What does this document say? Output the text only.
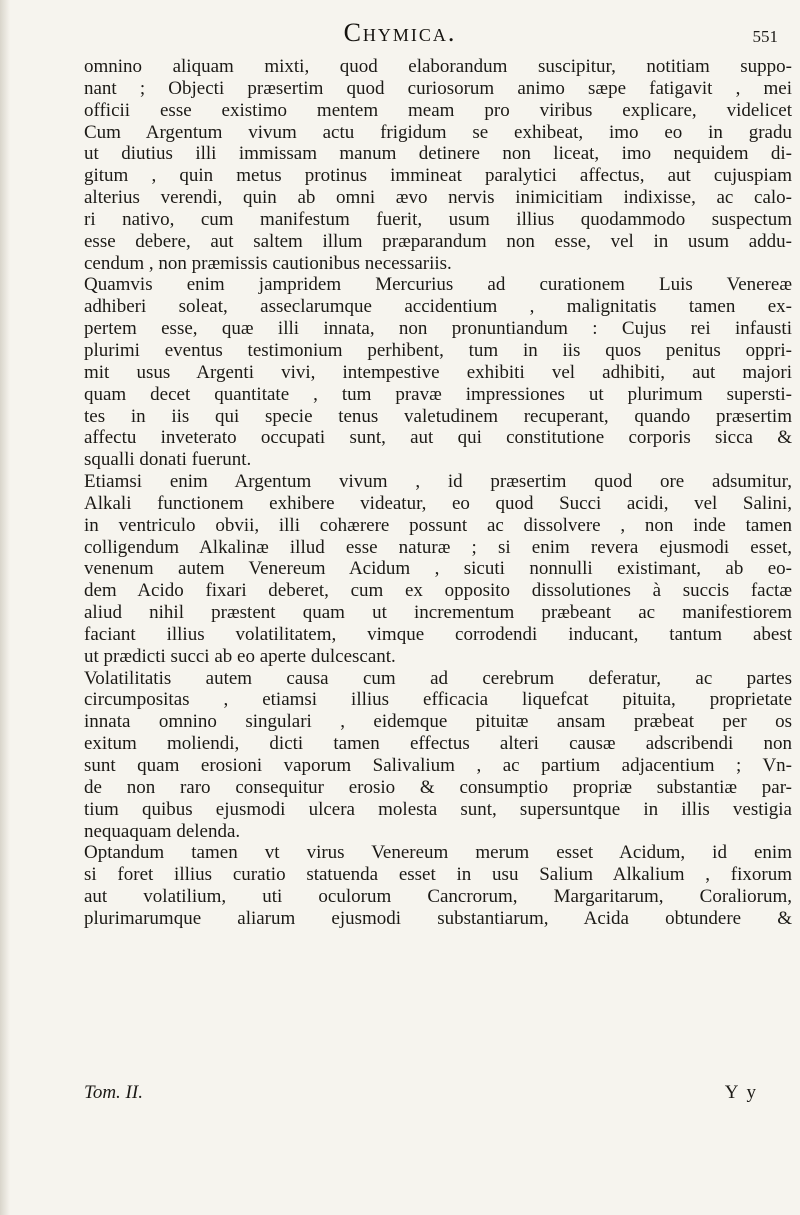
Chymica.	551
omnino aliquam mixti, quod elaborandum suscipitur, notitiam suppo-
nant ; Objecti præsertim quod curiosorum animo sæpe fatigavit , mei
officii esse existimo mentem meam pro viribus explicare, videlicet
Cum Argentum vivum actu frigidum se exhibeat, imo eo in gradu
ut diutius illi immissam manum detinere non liceat, imo nequidem di-
gitum , quin metus protinus immineat paralytici affectus, aut cujuspiam
alterius verendi, quin ab omni ævo nervis inimicitiam indixisse, ac calo-
ri nativo, cum manifestum fuerit, usum illius quodammodo suspectum
esse debere, aut saltem illum præparandum non esse, vel in usum addu-
cendum , non præmissis cautionibus necessariis.
Quamvis enim jampridem Mercurius ad curationem Luis Venereæ
adhiberi soleat, asseclarumque accidentium , malignitatis tamen ex-
pertem esse, quæ illi innata, non pronuntiandum : Cujus rei infausti
plurimi eventus testimonium perhibent, tum in iis quos penitus oppri-
mit usus Argenti vivi, intempestive exhibiti vel adhibiti, aut majori
quam decet quantitate , tum pravæ impressiones ut plurimum supersti-
tes in iis qui specie tenus valetudinem recuperant, quando præsertim
affectu inveterato occupati sunt, aut qui constitutione corporis sicca &
squalli donati fuerunt.
Etiamsi enim Argentum vivum , id præsertim quod ore adsumitur,
Alkali functionem exhibere videatur, eo quod Succi acidi, vel Salini,
in ventriculo obvii, illi cohærere possunt ac dissolvere , non inde tamen
colligendum Alkalinæ illud esse naturæ ; si enim revera ejusmodi esset,
venenum autem Venereum Acidum , sicuti nonnulli existimant, ab eo-
dem Acido fixari deberet, cum ex opposito dissolutiones à succis factæ
aliud nihil præstent quam ut incrementum præbeant ac manifestiorem
faciant illius volatilitatem, vimque corrodendi inducant, tantum abest
ut prædicti succi ab eo aperte dulcescant.
Volatilitatis autem causa cum ad cerebrum deferatur, ac partes
circumpositas , etiamsi illius efficacia liquefcat pituita, proprietate
innata omnino singulari , eidemque pituitæ ansam præbeat per os
exitum moliendi, dicti tamen effectus alteri causæ adscribendi non
sunt quam erosioni vaporum Salivalium , ac partium adjacentium ; Vn-
de non raro consequitur erosio & consumptio propriæ substantiæ par-
tium quibus ejusmodi ulcera molesta sunt, supersuntque in illis vestigia
nequaquam delenda.
Optandum tamen vt virus Venereum merum esset Acidum, id enim
si foret illius curatio statuenda esset in usu Salium Alkalium , fixorum
aut volatilium, uti oculorum Cancrorum, Margaritarum, Coraliorum,
plurimarumque aliarum ejusmodi substantiarum, Acida obtundere &
Tom. II.	Y y
